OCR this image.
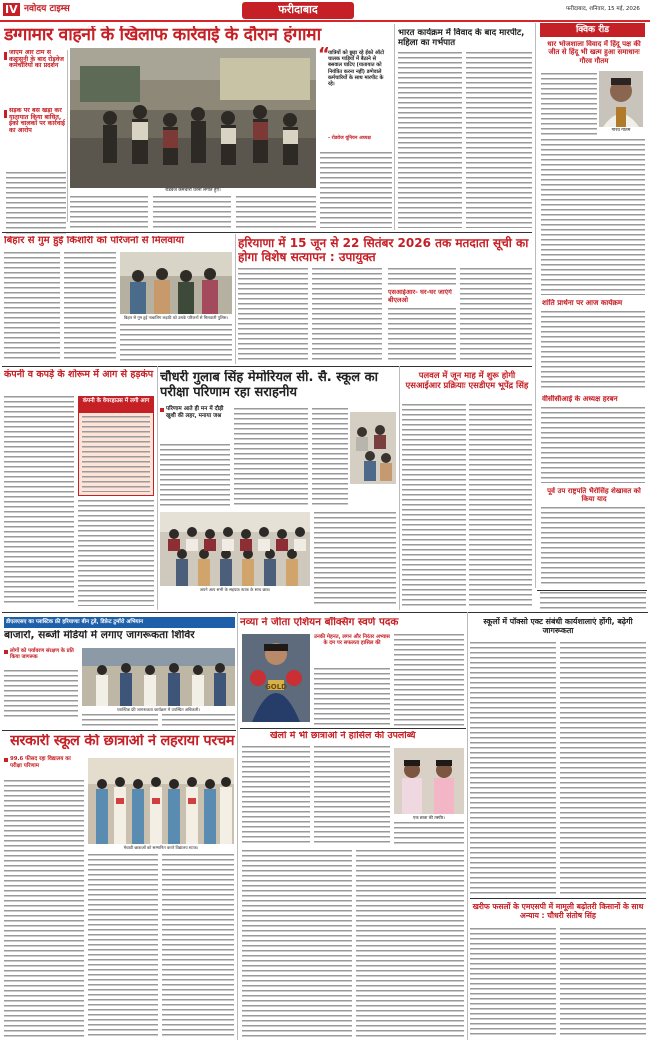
IV नवोदय टाइम्स	फरीदाबाद	फरीदाबाद, शनिवार, 15 मई, 2026
डग्गामार वाहनों के खिलाफ कार्रवाई के दौरान हंगामा
जीएम और टीम से कहासुनी के बाद रोडवेज कर्मचारियों का प्रदर्शन
सड़क पर बसें खड़ी कर यातायात किया बाधित, ईको चालकों पर कार्रवाई का आरोप
रोडवेज कर्मचारी धरना लगाते हुए।
“
यात्रियों को छुड़ा रहे ईको ऑटो चालक गाड़ियों में बैठाने से बसवाल घाटिए (यातायात को नियंत्रित करना नहीं) डग्गेवाले कर्मचारियों के साथ मारपीट के रहे।
- रोडवेज यूनियन अध्यक्ष
भारत कार्यक्रम में विवाद के बाद मारपीट, महिला का गर्भपात
क्विक रीड
धार भोजशाला विवाद में हिंदू पक्ष की जीत से हिंदू भी खत्म हुआ समाधानः गौरव गौतम
गौरव गौतम
शांति प्रार्थना पर आज कार्यक्रम
वीसीसीआई के अध्यक्ष हरबन
पूर्व उप राष्ट्रपति भैरोसिंह शेखावत को किया याद
बिहार से गुम हुई किशोरी को परिजनों से मिलवाया
बिहार से गुम हुई नाबालिग लड़की को उसके परिजनों से मिलवाती पुलिस।
हरियाणा में 15 जून से 22 सितंबर 2026 तक मतदाता सूची का होगा विशेष सत्यापन : उपायुक्त
एसआईआर- घर-घर जाएंगे बीएलओ
कंपनी व कपड़े के शोरूम में आग से हड़कंप
कंपनी के वेयरहाउस में लगी आग
चौधरी गुलाब सिंह मेमोरियल सी. सै. स्कूल का परीक्षा परिणाम रहा सराहनीय
परिणाम आते ही मन में दौड़ी खुशी की लहर, मनाया जश्न
अपने आप सभी के सहपाठ स्टाफ के साथ छात्र।
पलवल में जून माह में शुरू होगी एसआईआर प्रक्रियाः एसडीएम भूपेंद्र सिंह
डीएलएसए का प्लास्टिक फ्री हरियाणाः बीन टुडे, डिफ़ेट टुमॉरो अभियान
बाजारों, सब्जी मंडियों में लगाए जागरूकता शिविर
लोगों को पर्यावरण संरक्षण के प्रति किया जागरूक
प्लास्टिक फ्री जागरूकता कार्यक्रम में उपस्थित अधिकारी।
नव्या ने जीता एशियन बॉक्सिंग स्वर्ण पदक
GOLD
उनकी मेहनत, लगन और निरंतर अभ्यास के दम पर सफलता हासिल की
स्कूलों में पॉक्सो एक्ट संबंधी कार्यशालाएं होंगी, बढ़ेगी जागरूकता
खरीफ फसलों के एमएसपी में मामूली बढ़ोतरी किसानों के साथ अन्याय : चौधरी संतोष सिंह
खेलों में भी छात्राओं ने हासिल की उपलब्धि
एक छात्रा की तस्वीर।
सरकारी स्कूल की छात्राओं ने लहराया परचम
99.6 फीसद रहा विद्यालय का परीक्षा परिणाम
मेधावी छात्राओं को सम्मानित करते विद्यालय स्टाफ।
